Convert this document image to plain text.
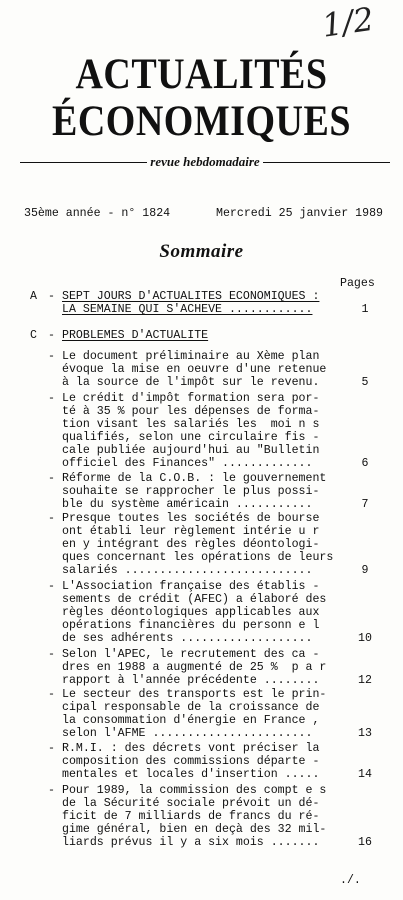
1/2
ACTUALITÉS
ÉCONOMIQUES
revue hebdomadaire
35ème année - n° 1824	Mercredi 25 janvier 1989
Sommaire
Pages
A - SEPT JOURS D'ACTUALITES ECONOMIQUES :
LA SEMAINE QUI S'ACHEVE ............	1
C - PROBLEMES D'ACTUALITE
- Le document préliminaire au Xème plan
évoque la mise en oeuvre d'une retenue
à la source de l'impôt sur le revenu.	5
- Le crédit d'impôt formation sera por-
té à 35 % pour les dépenses de forma-
tion visant les salariés les  moi n s
qualifiés, selon une circulaire fis -
cale publiée aujourd'hui au "Bulletin
officiel des Finances" .............	6
- Réforme de la C.O.B. : le gouvernement
souhaite se rapprocher le plus possi-
ble du système américain ...........	7
- Presque toutes les sociétés de bourse
ont établi leur règlement intérie u r
en y intégrant des règles déontologi-
ques concernant les opérations de leurs
salariés ...........................	9
- L'Association française des établis -
sements de crédit (AFEC) a élaboré des
règles déontologiques applicables aux
opérations financières du personn e l
de ses adhérents ...................	10
- Selon l'APEC, le recrutement des ca -
dres en 1988 a augmenté de 25 %  p a r
rapport à l'année précédente ........	12
- Le secteur des transports est le prin-
cipal responsable de la croissance de
la consommation d'énergie en France ,
selon l'AFME .......................	13
- R.M.I. : des décrets vont préciser la
composition des commissions départe -
mentales et locales d'insertion .....	14
- Pour 1989, la commission des compt e s
de la Sécurité sociale prévoit un dé-
ficit de 7 milliards de francs du ré-
gime général, bien en deçà des 32 mil-
liards prévus il y a six mois .......	16
./.
